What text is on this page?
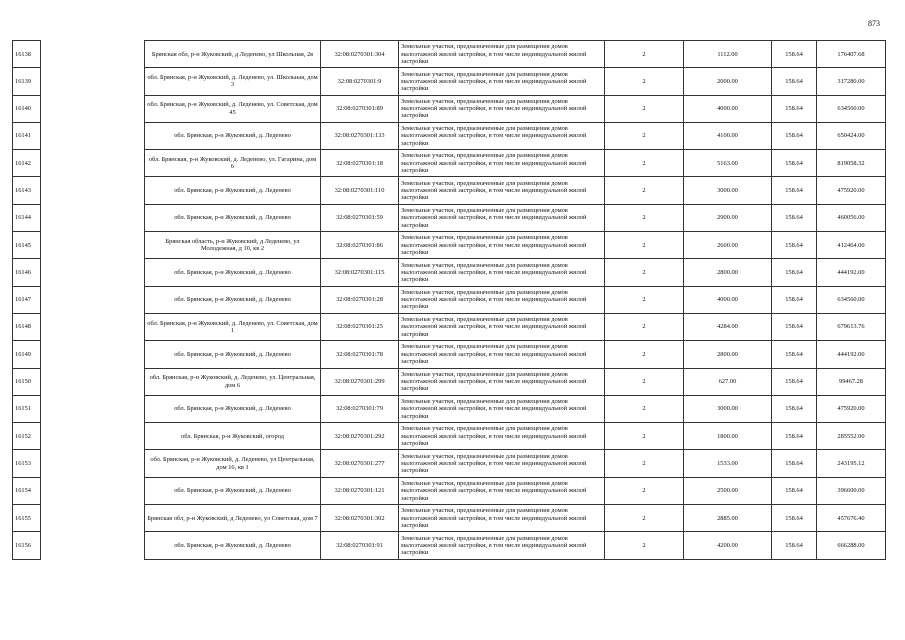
873
16138		Брянская обл, р-н Жуковский, д Леденево, ул Школьная, 2в	32:08:0270301:304	Земельные участки, предназначенные для размещения домов малоэтажной жилой застройки, в том числе индивидуальной жилой застройки	2	1112.00	158.64	176407.68
16139		обл. Брянская, р-н Жуковский, д. Леденево, ул. Школьная, дом 3	32:08:0270301:9	Земельные участки, предназначенные для размещения домов малоэтажной жилой застройки, в том числе индивидуальной жилой застройки	2	2000.00	158.64	317280.00
16140		обл. Брянская, р-н Жуковский, д. Леденево, ул. Советская, дом 45	32:08:0270301:89	Земельные участки, предназначенные для размещения домов малоэтажной жилой застройки, в том числе индивидуальной жилой застройки	2	4000.00	158.64	634560.00
16141		обл. Брянская, р-н Жуковский, д. Леденево	32:08:0270301:133	Земельные участки, предназначенные для размещения домов малоэтажной жилой застройки, в том числе индивидуальной жилой застройки	2	4100.00	158.64	650424.00
16142		обл. Брянская, р-н Жуковский, д. Леденево, ул. Гагарина, дом 6	32:08:0270301:18	Земельные участки, предназначенные для размещения домов малоэтажной жилой застройки, в том числе индивидуальной жилой застройки	2	5163.00	158.64	819058.32
16143		обл. Брянская, р-н Жуковский, д. Леденево	32:08:0270301:110	Земельные участки, предназначенные для размещения домов малоэтажной жилой застройки, в том числе индивидуальной жилой застройки	2	3000.00	158.64	475920.00
16144		обл. Брянская, р-н Жуковский, д. Леденево	32:08:0270301:59	Земельные участки, предназначенные для размещения домов малоэтажной жилой застройки, в том числе индивидуальной жилой застройки	2	2900.00	158.64	460056.00
16145		Брянская область, р-н Жуковский, д Леденево, ул Молодежная, д 10, кв 2	32:08:0270301:86	Земельные участки, предназначенные для размещения домов малоэтажной жилой застройки, в том числе индивидуальной жилой застройки	2	2600.00	158.64	412464.00
16146		обл. Брянская, р-н Жуковский, д. Леденево	32:08:0270301:115	Земельные участки, предназначенные для размещения домов малоэтажной жилой застройки, в том числе индивидуальной жилой застройки	2	2800.00	158.64	444192.00
16147		обл. Брянская, р-н Жуковский, д. Леденево	32:08:0270301:28	Земельные участки, предназначенные для размещения домов малоэтажной жилой застройки, в том числе индивидуальной жилой застройки	2	4000.00	158.64	634560.00
16148		обл. Брянская, р-н Жуковский, д. Леденево, ул. Советская, дом 1	32:08:0270301:25	Земельные участки, предназначенные для размещения домов малоэтажной жилой застройки, в том числе индивидуальной жилой застройки	2	4284.00	158.64	679613.76
16149		обл. Брянская, р-н Жуковский, д. Леденево	32:08:0270301:78	Земельные участки, предназначенные для размещения домов малоэтажной жилой застройки, в том числе индивидуальной жилой застройки	2	2800.00	158.64	444192.00
16150		обл. Брянская, р-н Жуковский, д. Леденево, ул. Центральная, дом 6	32:08:0270301:299	Земельные участки, предназначенные для размещения домов малоэтажной жилой застройки, в том числе индивидуальной жилой застройки	2	627.00	158.64	99467.28
16151		обл. Брянская, р-н Жуковский, д. Леденево	32:08:0270301:79	Земельные участки, предназначенные для размещения домов малоэтажной жилой застройки, в том числе индивидуальной жилой застройки	2	3000.00	158.64	475920.00
16152		обл. Брянская, р-н Жуковский, огород	32:08:0270301:292	Земельные участки, предназначенные для размещения домов малоэтажной жилой застройки, в том числе индивидуальной жилой застройки	2	1800.00	158.64	285552.00
16153		обл. Брянская, р-н Жуковский, д. Леденево, ул Центральная, дом 16, кв 1	32:08:0270301:277	Земельные участки, предназначенные для размещения домов малоэтажной жилой застройки, в том числе индивидуальной жилой застройки	2	1533.00	158.64	243195.12
16154		обл. Брянская, р-н Жуковский, д. Леденево	32:08:0270301:121	Земельные участки, предназначенные для размещения домов малоэтажной жилой застройки, в том числе индивидуальной жилой застройки	2	2500.00	158.64	396600.00
16155		Брянская обл, р-н Жуковский, д Леденево, ул Советская, дом 7	32:08:0270301:302	Земельные участки, предназначенные для размещения домов малоэтажной жилой застройки, в том числе индивидуальной жилой застройки	2	2885.00	158.64	457676.40
16156		обл. Брянская, р-н Жуковский, д. Леденево	32:08:0270301:91	Земельные участки, предназначенные для размещения домов малоэтажной жилой застройки, в том числе индивидуальной жилой застройки	2	4200.00	158.64	666288.00
